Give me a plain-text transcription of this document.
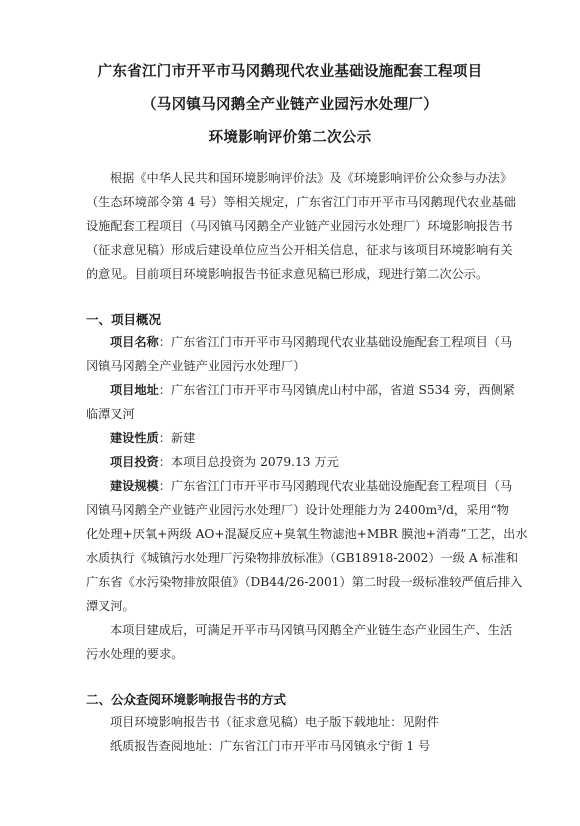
广东省江门市开平市马冈鹅现代农业基础设施配套工程项目
（马冈镇马冈鹅全产业链产业园污水处理厂）
环境影响评价第二次公示
根据《中华人民共和国环境影响评价法》及《环境影响评价公众参与办法》
（生态环境部令第 4 号）等相关规定，广东省江门市开平市马冈鹅现代农业基础
设施配套工程项目（马冈镇马冈鹅全产业链产业园污水处理厂）环境影响报告书
（征求意见稿）形成后建设单位应当公开相关信息，征求与该项目环境影响有关
的意见。目前项目环境影响报告书征求意见稿已形成，现进行第二次公示。
一、项目概况
项目名称：广东省江门市开平市马冈鹅现代农业基础设施配套工程项目（马
冈镇马冈鹅全产业链产业园污水处理厂）
项目地址：广东省江门市开平市马冈镇虎山村中部，省道 S534 旁，西侧紧
临潭叉河
建设性质：新建
项目投资：本项目总投资为 2079.13 万元
建设规模：广东省江门市开平市马冈鹅现代农业基础设施配套工程项目（马
冈镇马冈鹅全产业链产业园污水处理厂）设计处理能力为 2400m³/d，采用“物
化处理+厌氧+两级 AO+混凝反应+臭氧生物滤池+MBR 膜池+消毒”工艺，出水
水质执行《城镇污水处理厂污染物排放标准》（GB18918-2002）一级 A 标准和
广东省《水污染物排放限值》（DB44/26-2001）第二时段一级标准较严值后排入
潭叉河。
本项目建成后，可满足开平市马冈镇马冈鹅全产业链生态产业园生产、生活
污水处理的要求。
二、公众查阅环境影响报告书的方式
项目环境影响报告书（征求意见稿）电子版下载地址：见附件
纸质报告查阅地址：广东省江门市开平市马冈镇永宁街 1 号
